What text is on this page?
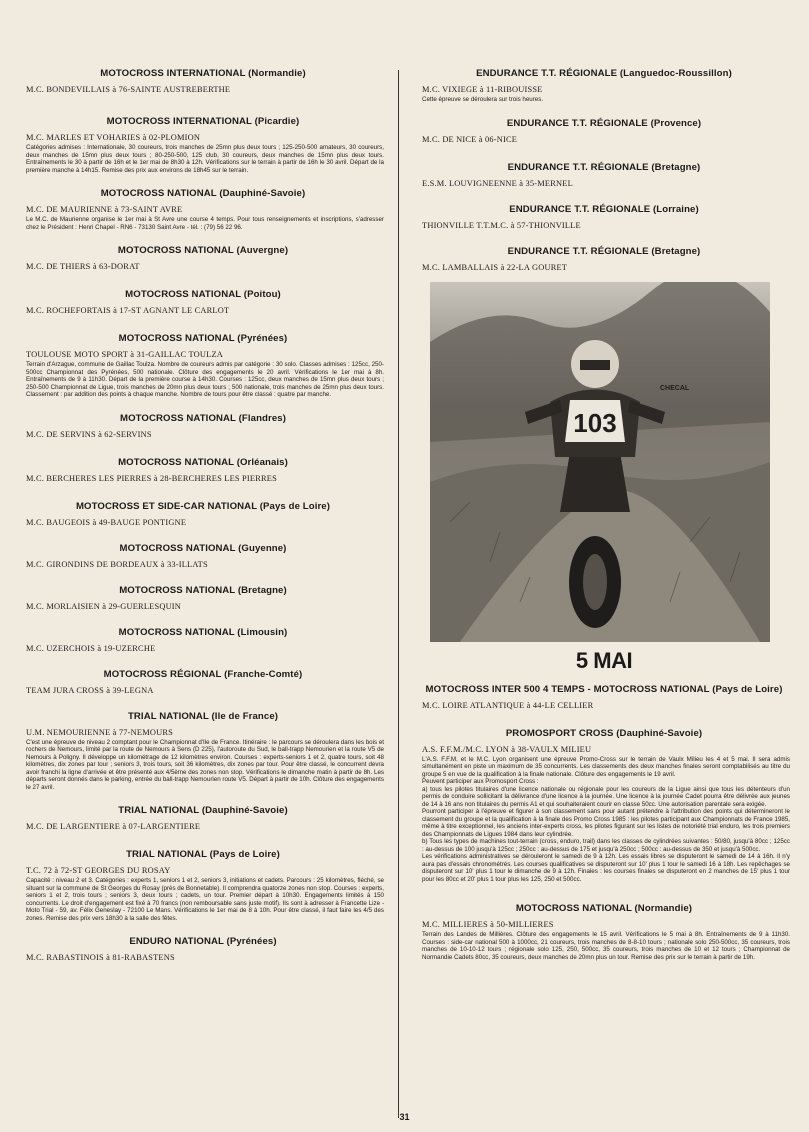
MOTOCROSS INTERNATIONAL (Normandie)
M.C. BONDEVILLAIS à 76-SAINTE AUSTREBERTHE
MOTOCROSS INTERNATIONAL (Picardie)
M.C. MARLES ET VOHARIES à 02-PLOMION
Catégories admises : Internationale, 30 coureurs, trois manches de 25mn plus deux tours ; 125-250-500 amateurs, 30 coureurs, deux manches de 15mn plus deux tours ; 80-250-500, 125 club, 30 coureurs, deux manches de 15mn plus deux tours. Entraînements le 30 à partir de 16h et le 1er mai de 8h30 à 12h. Vérifications sur le terrain à partir de 16h le 30 avril. Départ de la première manche à 14h15. Remise des prix aux environs de 18h45 sur le terrain.
MOTOCROSS NATIONAL (Dauphiné-Savoie)
M.C. DE MAURIENNE à 73-SAINT AVRE
Le M.C. de Maurienne organise le 1er mai à St Avre une course 4 temps. Pour tous renseignements et inscriptions, s'adresser chez le Président : Henri Chapel - RN6 - 73130 Saint Avre - tél. : (79) 56 22 96.
MOTOCROSS NATIONAL (Auvergne)
M.C. DE THIERS à 63-DORAT
MOTOCROSS NATIONAL (Poitou)
M.C. ROCHEFORTAIS à 17-ST AGNANT LE CARLOT
MOTOCROSS NATIONAL (Pyrénées)
TOULOUSE MOTO SPORT à 31-GAILLAC TOULZA
Terrain d'Arzague, commune de Gaillac Toulza. Nombre de coureurs admis par catégorie : 30 solo. Classes admises : 125cc, 250-500cc Championnat des Pyrénées, 500 nationale. Clôture des engagements le 20 avril. Vérifications le 1er mai à 8h. Entraînements de 9 à 11h30. Départ de la première course à 14h30. Courses : 125cc, deux manches de 15mn plus deux tours ; 250-500 Championnat de Ligue, trois manches de 20mn plus deux tours ; 500 nationale, trois manches de 25mn plus deux tours. Classement : par addition des points à chaque manche. Nombre de tours pour être classé : quatre par manche.
MOTOCROSS NATIONAL (Flandres)
M.C. DE SERVINS à 62-SERVINS
MOTOCROSS NATIONAL (Orléanais)
M.C. BERCHERES LES PIERRES à 28-BERCHERES LES PIERRES
MOTOCROSS ET SIDE-CAR NATIONAL (Pays de Loire)
M.C. BAUGEOIS à 49-BAUGE PONTIGNE
MOTOCROSS NATIONAL (Guyenne)
M.C. GIRONDINS DE BORDEAUX à 33-ILLATS
MOTOCROSS NATIONAL (Bretagne)
M.C. MORLAISIEN à 29-GUERLESQUIN
MOTOCROSS NATIONAL (Limousin)
M.C. UZERCHOIS à 19-UZERCHE
MOTOCROSS RÉGIONAL (Franche-Comté)
TEAM JURA CROSS à 39-LEGNA
TRIAL NATIONAL (Ile de France)
U.M. NEMOURIENNE à 77-NEMOURS
C'est une épreuve de niveau 2 comptant pour le Championnat d'Ile de France. Itinéraire : le parcours se déroulera dans les bois et rochers de Nemours, limité par la route de Nemours à Sens (D 225), l'autoroute du Sud, le ball-trapp Nemourien et la route V5 de Nemours à Poligny. Il développe un kilométrage de 12 kilomètres environ. Courses : experts-seniors 1 et 2, quatre tours, soit 48 kilomètres, dix zones par tour ; seniors 3, trois tours, soit 36 kilomètres, dix zones par tour. Pour être classé, le concurrent devra avoir franchi la ligne d'arrivée et être présenté aux 4/5ème des zones non stop. Vérifications le dimanche matin à partir de 8h. Les départs seront donnés dans le parking, entrée du ball-trapp Nemourien route V5. Départ à partir de 10h. Clôture des engagements le 27 avril.
TRIAL NATIONAL (Dauphiné-Savoie)
M.C. DE LARGENTIERE à 07-LARGENTIERE
TRIAL NATIONAL (Pays de Loire)
T.C. 72 à 72-ST GEORGES DU ROSAY
Capacité : niveau 2 et 3. Catégories : experts 1, seniors 1 et 2, seniors 3, initiations et cadets. Parcours : 25 kilomètres, fléché, se situant sur la commune de St Georges du Rosay (près de Bonnetable). Il comprendra quatorze zones non stop. Courses : experts, seniors 1 et 2, trois tours ; seniors 3, deux tours ; cadets, un tour. Premier départ à 10h30. Engagements limités à 150 concurrents. Le droit d'engagement est fixé à 70 francs (non remboursable sans juste motif). Ils sont à adresser à Francette Lize - Moto Trial - 59, av. Félix Geneslay - 72100 Le Mans. Vérifications le 1er mai de 8 à 10h. Pour être classé, il faut faire les 4/5 des zones. Remise des prix vers 18h30 à la salle des fêtes.
ENDURO NATIONAL (Pyrénées)
M.C. RABASTINOIS à 81-RABASTENS
ENDURANCE T.T. RÉGIONALE (Languedoc-Roussillon)
M.C. VIXIEGE à 11-RIBOUISSE
Cette épreuve se déroulera sur trois heures.
ENDURANCE T.T. RÉGIONALE (Provence)
M.C. DE NICE à 06-NICE
ENDURANCE T.T. RÉGIONALE (Bretagne)
E.S.M. LOUVIGNEENNE à 35-MERNEL
ENDURANCE T.T. RÉGIONALE (Lorraine)
THIONVILLE T.T.M.C. à 57-THIONVILLE
ENDURANCE T.T. RÉGIONALE (Bretagne)
M.C. LAMBALLAIS à 22-LA GOURET
103
CHECAL
5 MAI
MOTOCROSS INTER 500 4 TEMPS - MOTOCROSS NATIONAL (Pays de Loire)
M.C. LOIRE ATLANTIQUE à 44-LE CELLIER
PROMOSPORT CROSS (Dauphiné-Savoie)
A.S. F.F.M./M.C. LYON à 38-VAULX MILIEU
L'A.S. F.F.M. et le M.C. Lyon organisent une épreuve Promo-Cross sur le terrain de Vaulx Milieu les 4 et 5 mai. Il sera admis simultanément en piste un maximum de 35 concurrents. Les classements des deux manches finales seront comptabilisés au titre du groupe 5 en vue de la qualification à la finale nationale. Clôture des engagements le 19 avril.
Peuvent participer aux Promosport Cross :
a) tous les pilotes titulaires d'une licence nationale ou régionale pour les coureurs de la Ligue ainsi que tous les détenteurs d'un permis de conduire sollicitant la délivrance d'une licence à la journée. Une licence à la journée Cadet pourra être délivrée aux jeunes de 14 à 16 ans non titulaires du permis A1 et qui souhaiteraient courir en classe 50cc. Une autorisation parentale sera exigée.
Pourront participer à l'épreuve et figurer à son classement sans pour autant prétendre à l'attribution des points qui détermineront le classement du groupe et la qualification à la finale des Promo Cross 1985 : les pilotes participant aux Championnats de France 1985, même à titre exceptionnel, les anciens inter-experts cross, les pilotes figurant sur les listes de notoriété trial enduro, les trois premiers des Championnats de Ligues 1984 dans leur cylindrée.
b) Tous les types de machines tout-terrain (cross, enduro, trail) dans les classes de cylindrées suivantes : 50/80, jusqu'à 80cc ; 125cc : au-dessus de 100 jusqu'à 125cc ; 250cc : au-dessus de 175 et jusqu'à 250cc ; 500cc : au-dessus de 350 et jusqu'à 500cc.
Les vérifications administratives se dérouleront le samedi de 9 à 12h. Les essais libres se disputeront le samedi de 14 à 16h. Il n'y aura pas d'essais chronométrés. Les courses qualificatives se disputeront sur 10' plus 1 tour le samedi 16 à 18h. Les repêchages se disputeront sur 10' plus 1 tour le dimanche de 9 à 12h. Finales : les courses finales se disputeront en 2 manches de 15' plus 1 tour pour les 80cc et 20' plus 1 tour plus les 125, 250 et 500cc.
MOTOCROSS NATIONAL (Normandie)
M.C. MILLIERES à 50-MILLIERES
Terrain des Landes de Millières. Clôture des engagements le 15 avril. Vérifications le 5 mai à 8h. Entraînements de 9 à 11h30. Courses : side-car national 500 à 1000cc, 21 coureurs, trois manches de 8-8-10 tours ; nationale solo 250-500cc, 35 coureurs, trois manches de 10-10-12 tours ; régionale solo 125, 250, 500cc, 35 coureurs, trois manches de 10 et 12 tours ; Championnat de Normandie Cadets 80cc, 35 coureurs, deux manches de 20mn plus un tour. Remise des prix sur le terrain à partir de 19h.
31
